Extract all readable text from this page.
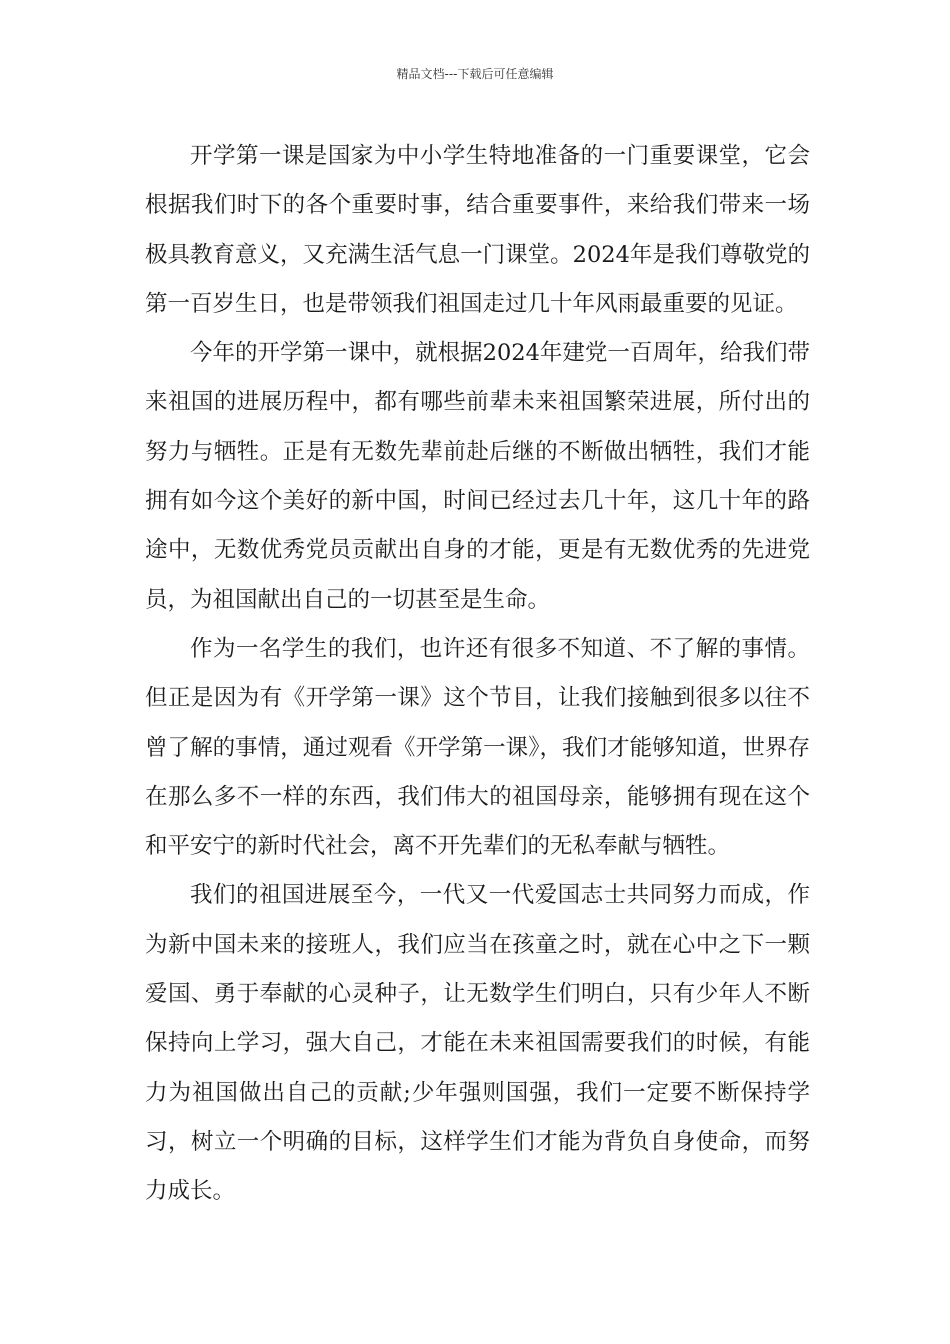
精品文档---下载后可任意编辑

开学第一课是国家为中小学生特地准备的一门重要课堂，它会根据我们时下的各个重要时事，结合重要事件，来给我们带来一场极具教育意义，又充满生活气息一门课堂。2024年是我们尊敬党的第一百岁生日，也是带领我们祖国走过几十年风雨最重要的见证。

今年的开学第一课中，就根据2024年建党一百周年，给我们带来祖国的进展历程中，都有哪些前辈未来祖国繁荣进展，所付出的努力与牺牲。正是有无数先辈前赴后继的不断做出牺牲，我们才能拥有如今这个美好的新中国，时间已经过去几十年，这几十年的路途中，无数优秀党员贡献出自身的才能，更是有无数优秀的先进党员，为祖国献出自己的一切甚至是生命。

作为一名学生的我们，也许还有很多不知道、不了解的事情。但正是因为有《开学第一课》这个节目，让我们接触到很多以往不曾了解的事情，通过观看《开学第一课》，我们才能够知道，世界存在那么多不一样的东西，我们伟大的祖国母亲，能够拥有现在这个和平安宁的新时代社会，离不开先辈们的无私奉献与牺牲。

我们的祖国进展至今，一代又一代爱国志士共同努力而成，作为新中国未来的接班人，我们应当在孩童之时，就在心中之下一颗爱国、勇于奉献的心灵种子，让无数学生们明白，只有少年人不断保持向上学习，强大自己，才能在未来祖国需要我们的时候，有能力为祖国做出自己的贡献;少年强则国强，我们一定要不断保持学习，树立一个明确的目标，这样学生们才能为背负自身使命，而努力成长。
